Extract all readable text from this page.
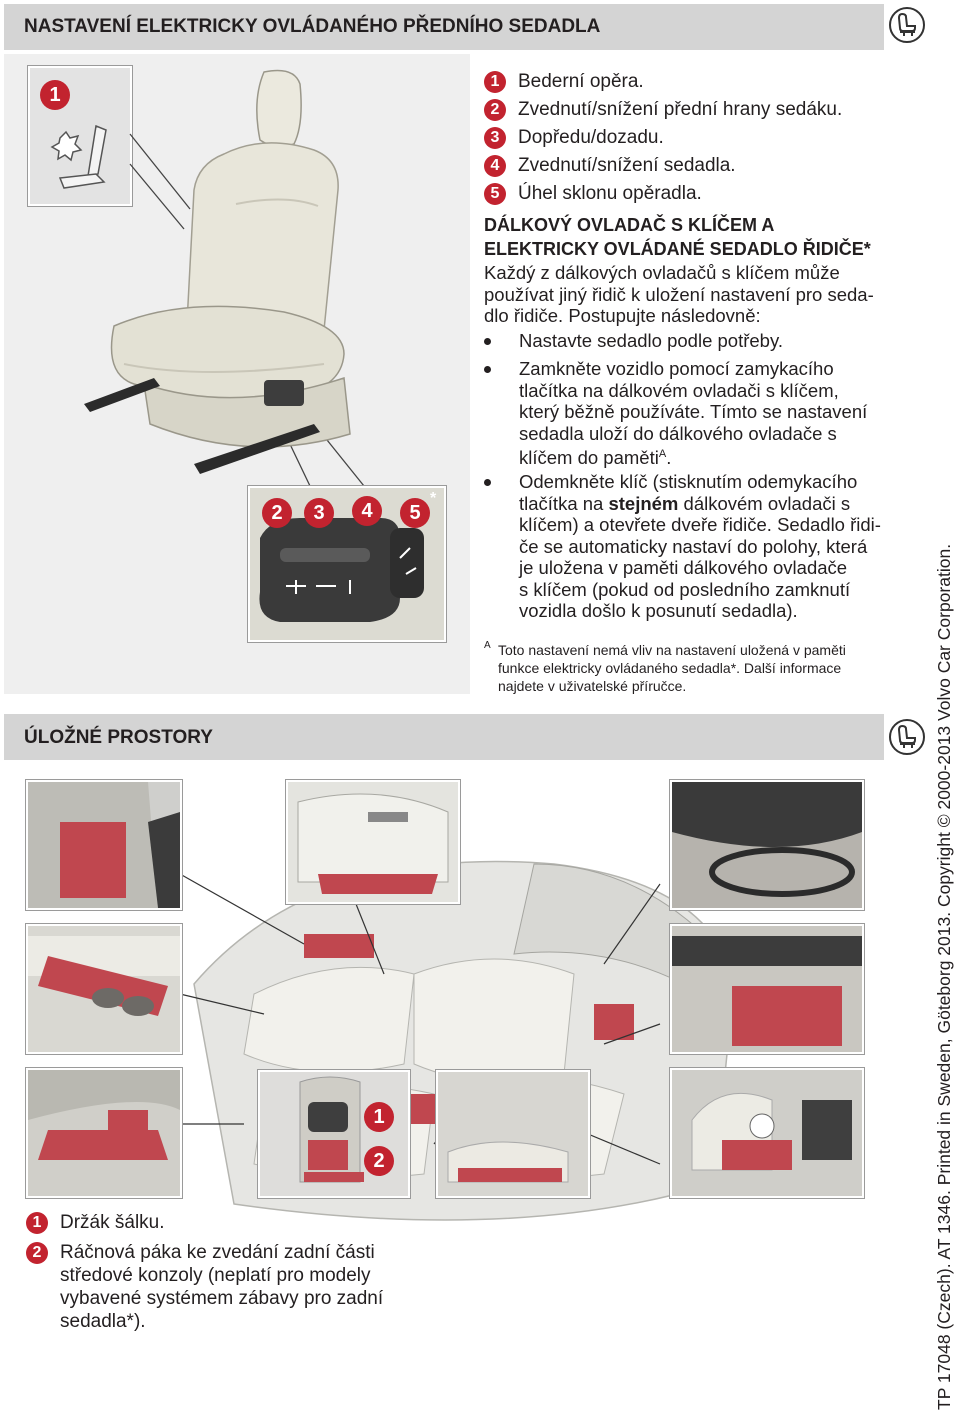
NASTAVENÍ ELEKTRICKY OVLÁDANÉHO PŘEDNÍHO SEDADLA
1
2	3	4	5
*
1 Bederní opěra.
2 Zvednutí/snížení přední hrany sedáku.
3 Dopředu/dozadu.
4 Zvednutí/snížení sedadla.
5 Úhel sklonu opěradla.
DÁLKOVÝ OVLADAČ S KLÍČEM A
ELEKTRICKY OVLÁDANÉ SEDADLO ŘIDIČE*
Každý z dálkových ovladačů s klíčem může
používat jiný řidič k uložení nastavení pro seda-
dlo řidiče. Postupujte následovně:
Nastavte sedadlo podle potřeby.
Zamkněte vozidlo pomocí zamykacího
tlačítka na dálkovém ovladači s klíčem,
který běžně používáte. Tímto se nastavení
sedadla uloží do dálkového ovladače s
klíčem do paměti$^A$.
Odemkněte klíč (stisknutím odemykacího
tlačítka na stejném dálkovém ovladači s
klíčem) a otevřete dveře řidiče. Sedadlo řidi-
če se automaticky nastaví do polohy, která
je uložena v paměti dálkového ovladače
s klíčem (pokud od posledního zamknutí
vozidla došlo k posunutí sedadla).
A Toto nastavení nemá vliv na nastavení uložená v paměti
funkce elektricky ovládaného sedadla*. Další informace
najdete v uživatelské příručce.
ÚLOŽNÉ PROSTORY
1
2
1 Držák šálku.
2 Ráčnová páka ke zvedání zadní části
středové konzoly (neplatí pro modely
vybavené systémem zábavy pro zadní
sedadla*).	TP 17048 (Czech). AT 1346. Printed in Sweden, Göteborg 2013. Copyright © 2000-2013 Volvo Car Corporation.
